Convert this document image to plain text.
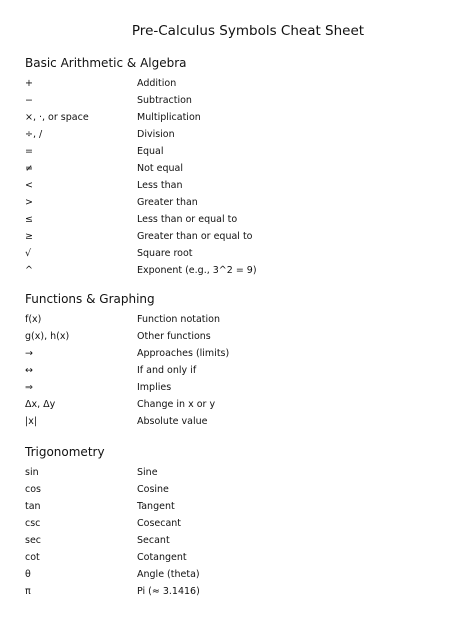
Pre-Calculus Symbols Cheat Sheet
Basic Arithmetic & Algebra
+	Addition
−	Subtraction
×, ·, or space	Multiplication
÷, /	Division
=	Equal
≠	Not equal
<	Less than
>	Greater than
≤	Less than or equal to
≥	Greater than or equal to
√	Square root
^	Exponent (e.g., 3^2 = 9)
Functions & Graphing
f(x)	Function notation
g(x), h(x)	Other functions
→	Approaches (limits)
↔	If and only if
⇒	Implies
Δx, Δy	Change in x or y
|x|	Absolute value
Trigonometry
sin	Sine
cos	Cosine
tan	Tangent
csc	Cosecant
sec	Secant
cot	Cotangent
θ	Angle (theta)
π	Pi (≈ 3.1416)
